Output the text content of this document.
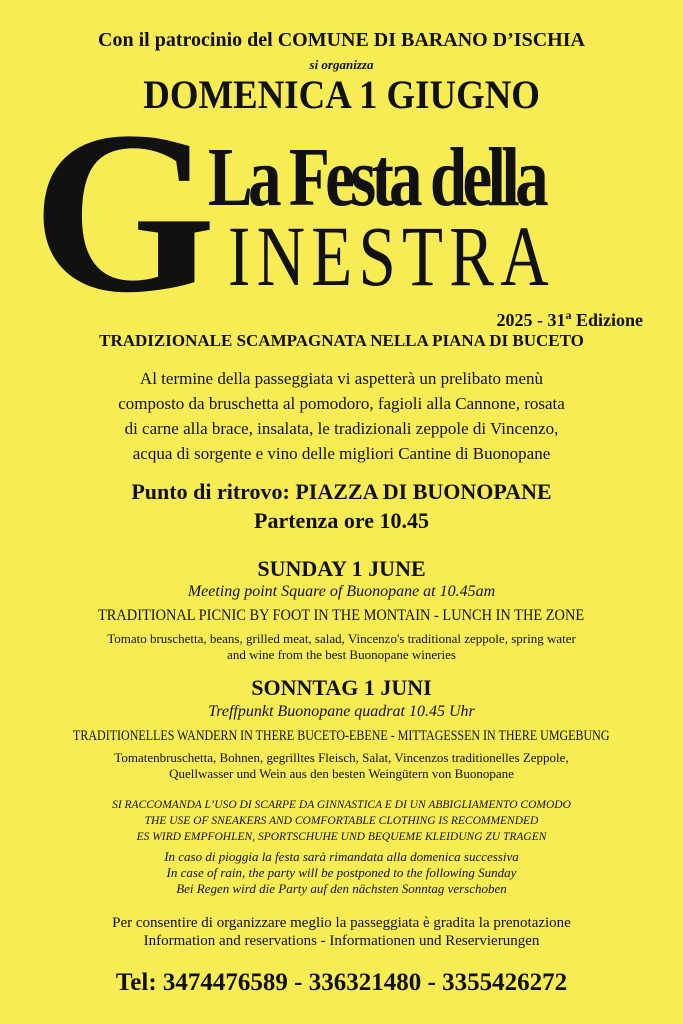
Con il patrocinio del COMUNE DI BARANO D’ISCHIA
si organizza
DOMENICA 1 GIUGNO
G
La Festa della
INESTRA
2025 - 31$^a$ Edizione
TRADIZIONALE SCAMPAGNATA NELLA PIANA DI BUCETO
Al termine della passeggiata vi aspetterà un prelibato menù
composto da bruschetta al pomodoro, fagioli alla Cannone, rosata
di carne alla brace, insalata, le tradizionali zeppole di Vincenzo,
acqua di sorgente e vino delle migliori Cantine di Buonopane
Punto di ritrovo: PIAZZA DI BUONOPANE
Partenza ore 10.45
SUNDAY 1 JUNE
Meeting point Square of Buonopane at 10.45am
TRADITIONAL PICNIC BY FOOT IN THE MONTAIN - LUNCH IN THE ZONE
Tomato bruschetta, beans, grilled meat, salad, Vincenzo's traditional zeppole, spring water
and wine from the best Buonopane wineries
SONNTAG 1 JUNI
Treffpunkt Buonopane quadrat 10.45 Uhr
TRADITIONELLES WANDERN IN THERE BUCETO-EBENE - MITTAGESSEN IN THERE UMGEBUNG
Tomatenbruschetta, Bohnen, gegrilltes Fleisch, Salat, Vincenzos traditionelles Zeppole,
Quellwasser und Wein aus den besten Weingütern von Buonopane
SI RACCOMANDA L’USO DI SCARPE DA GINNASTICA E DI UN ABBIGLIAMENTO COMODO
THE USE OF SNEAKERS AND COMFORTABLE CLOTHING IS RECOMMENDED
ES WIRD EMPFOHLEN, SPORTSCHUHE UND BEQUEME KLEIDUNG ZU TRAGEN
In caso di pioggia la festa sarà rimandata alla domenica successiva
In case of rain, the party will be postponed to the following Sunday
Bei Regen wird die Party auf den nächsten Sonntag verschoben
Per consentire di organizzare meglio la passeggiata è gradita la prenotazione
Information and reservations - Informationen und Reservierungen
Tel: 3474476589 - 336321480 - 3355426272
